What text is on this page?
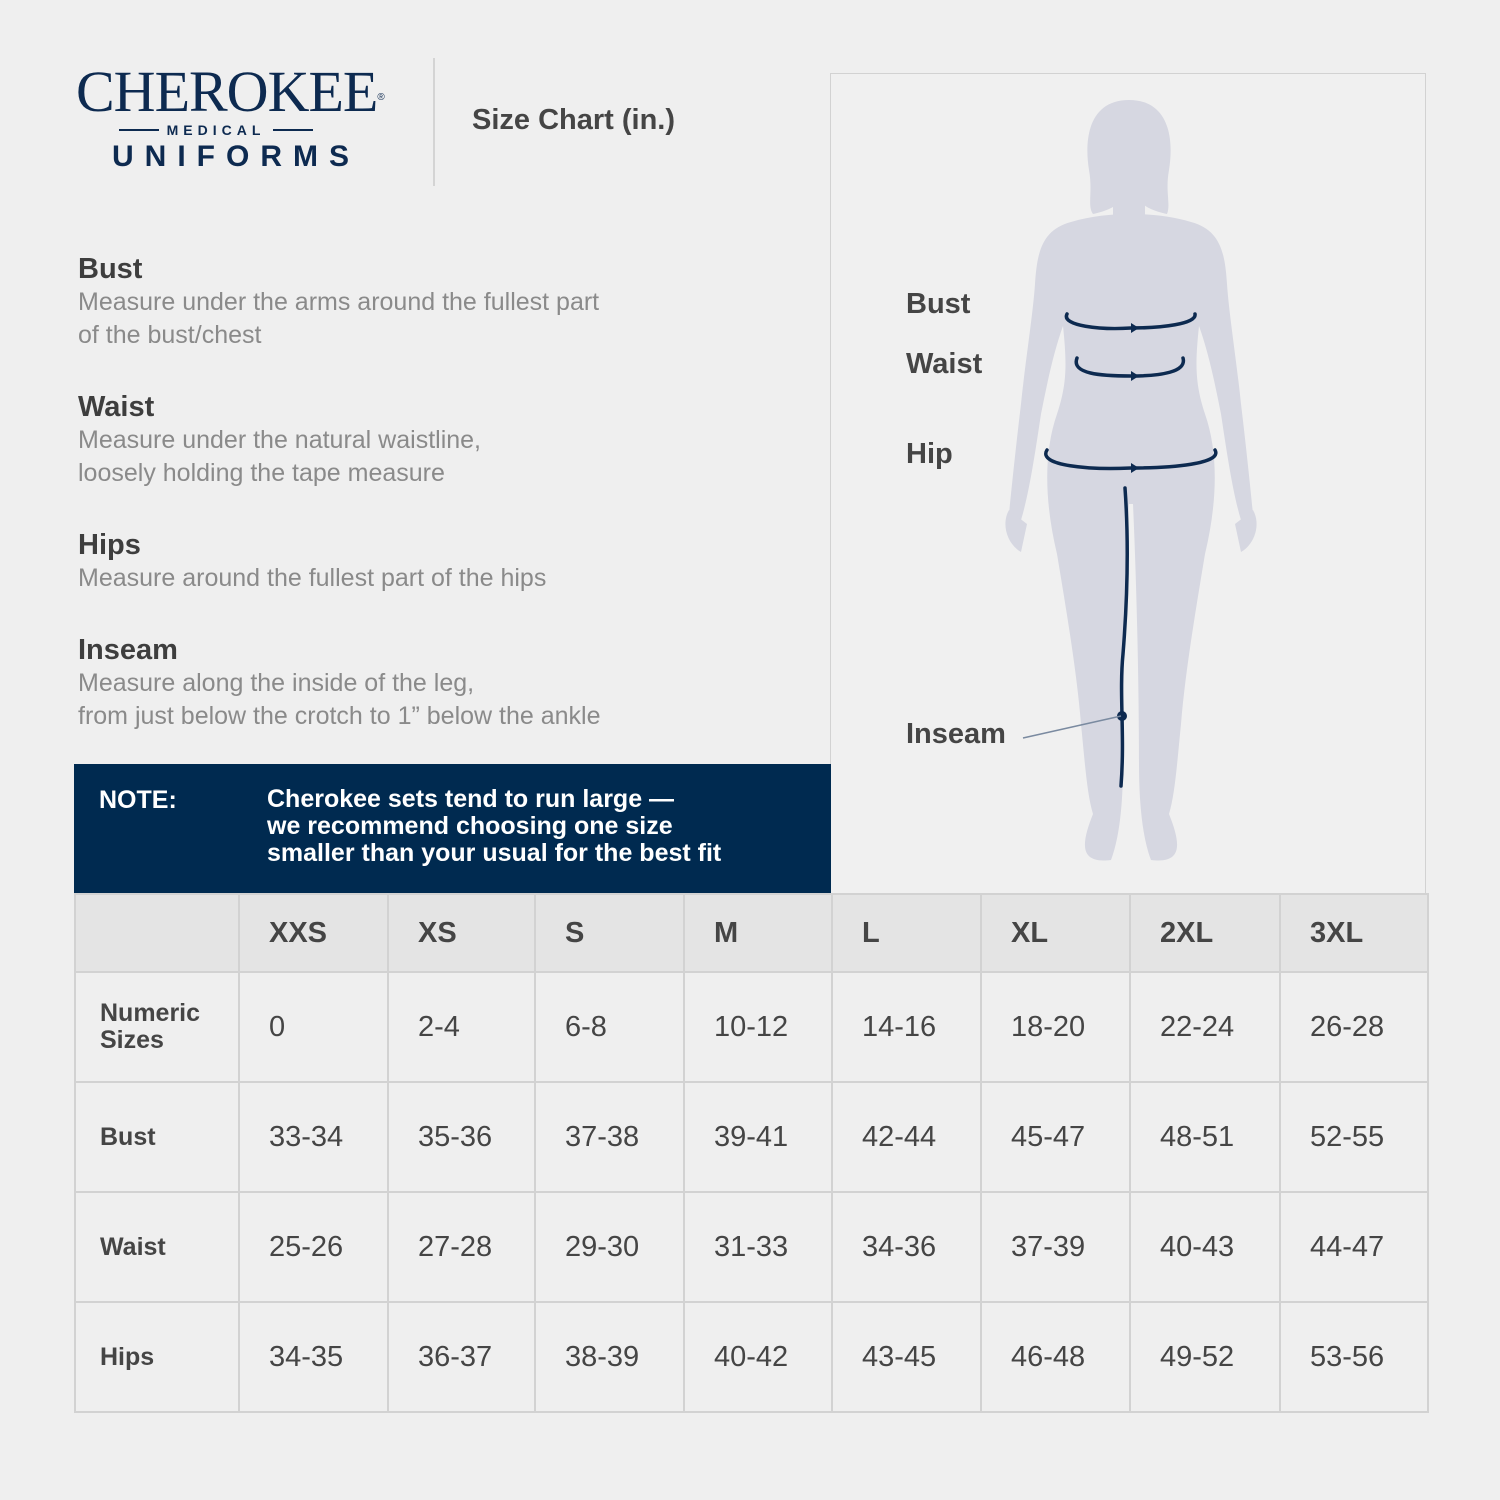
CHEROKEE®
MEDICAL
UNIFORMS
Size Chart (in.)
Bust
Measure under the arms around the fullest part
of the bust/chest
Waist
Measure under the natural waistline,
loosely holding the tape measure
Hips
Measure around the fullest part of the hips
Inseam
Measure along the inside of the leg,
from just below the crotch to 1” below the ankle
Bust
Waist
Hip
Inseam
NOTE:	Cherokee sets tend to run large —
we recommend choosing one size
smaller than your usual for the best fit
	XXS	XS	S	M	L	XL	2XL	3XL

Numeric
Sizes	0	2-4	6-8	10-12	14-16	18-20	22-24	26-28

Bust	33-34	35-36	37-38	39-41	42-44	45-47	48-51	52-55

Waist	25-26	27-28	29-30	31-33	34-36	37-39	40-43	44-47

Hips	34-35	36-37	38-39	40-42	43-45	46-48	49-52	53-56
